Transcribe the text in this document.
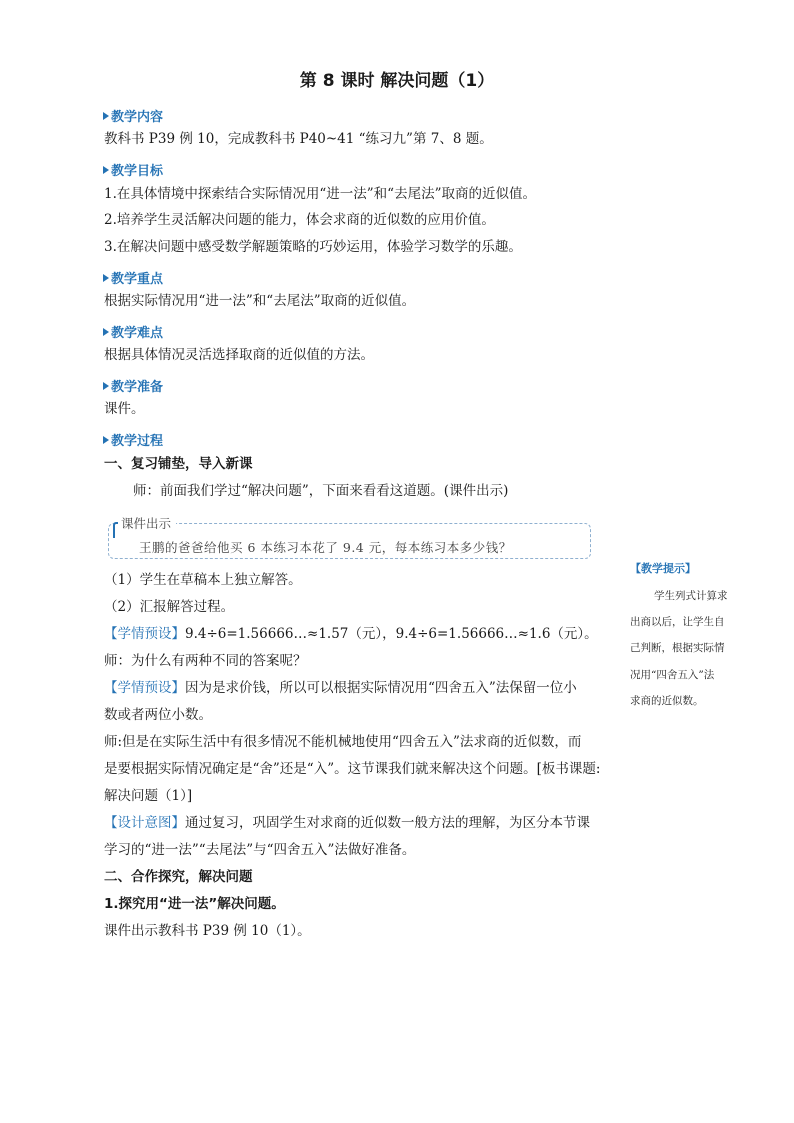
第 8 课时 解决问题（1）
教学内容
教科书 P39 例 10，完成教科书 P40~41 “练习九”第 7、8 题。
教学目标
1.在具体情境中探索结合实际情况用“进一法”和“去尾法”取商的近似值。
2.培养学生灵活解决问题的能力，体会求商的近似数的应用价值。
3.在解决问题中感受数学解题策略的巧妙运用，体验学习数学的乐趣。
教学重点
根据实际情况用“进一法”和“去尾法”取商的近似值。
教学难点
根据具体情况灵活选择取商的近似值的方法。
教学准备
课件。
教学过程
一、复习铺垫，导入新课
师：前面我们学过“解决问题”，下面来看看这道题。(课件出示)
课件出示
王鹏的爸爸给他买 6 本练习本花了 9.4 元，每本练习本多少钱？
（1）学生在草稿本上独立解答。
（2）汇报解答过程。
【学情预设】9.4÷6=1.56666…≈1.57（元），9.4÷6=1.56666…≈1.6（元）。
师：为什么有两种不同的答案呢？
【学情预设】因为是求价钱，所以可以根据实际情况用“四舍五入”法保留一位小
数或者两位小数。
师:但是在实际生活中有很多情况不能机械地使用“四舍五入”法求商的近似数，而
是要根据实际情况确定是“舍”还是“入”。这节课我们就来解决这个问题。[板书课题:
解决问题（1）]
【设计意图】通过复习，巩固学生对求商的近似数一般方法的理解，为区分本节课
学习的“进一法”“去尾法”与“四舍五入”法做好准备。
二、合作探究，解决问题
1.探究用“进一法”解决问题。
课件出示教科书 P39 例 10（1）。
【教学提示】
学生列式计算求
出商以后，让学生自
己判断，根据实际情
况用“四舍五入”法
求商的近似数。
